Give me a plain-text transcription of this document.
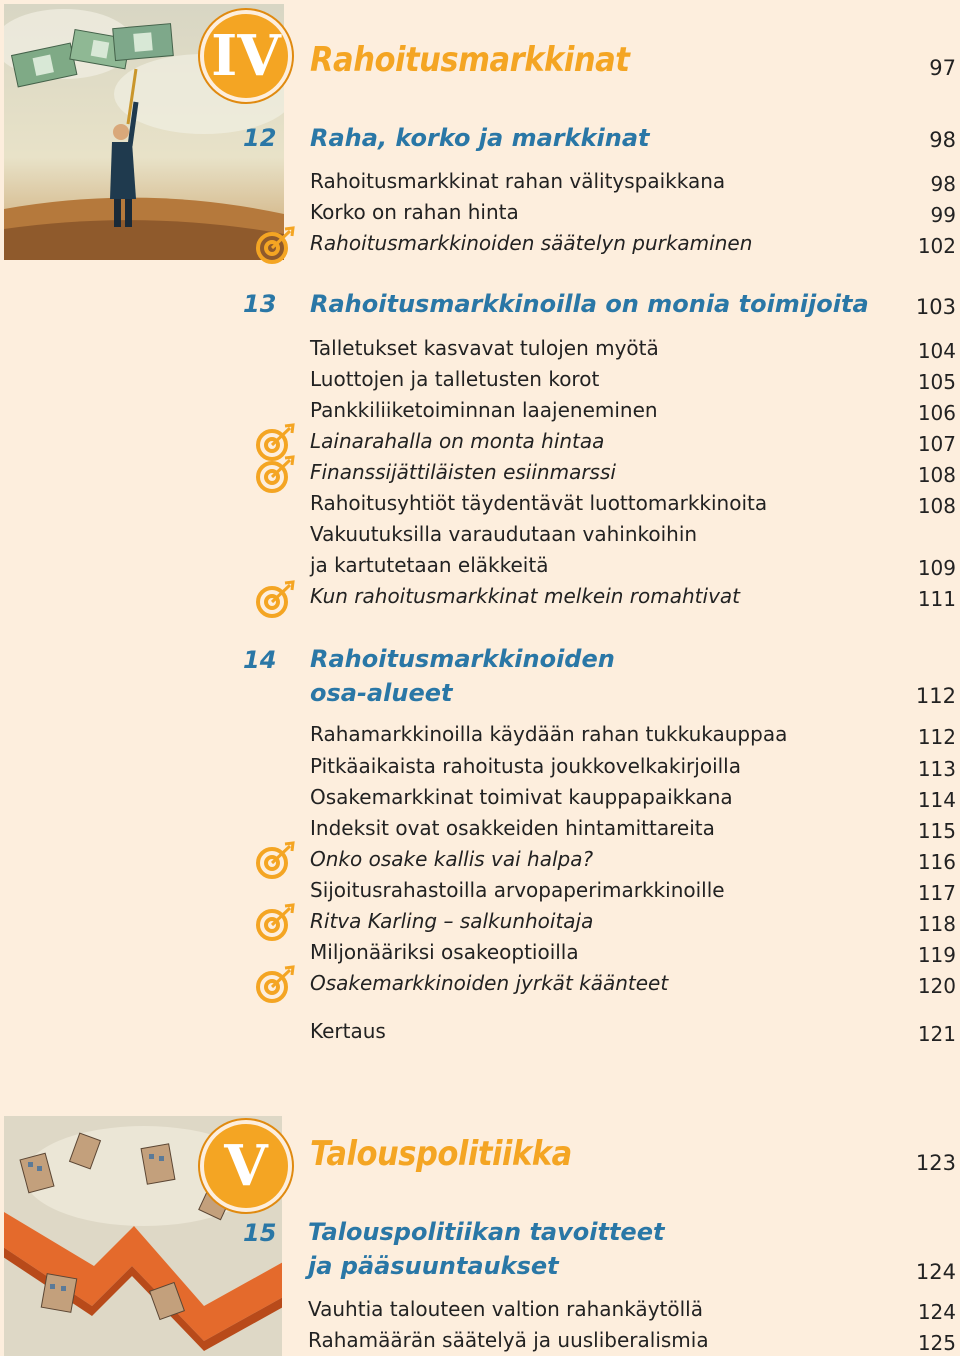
IV Rahoitusmarkkinat	97
12 Raha, korko ja markkinat	98
Rahoitusmarkkinat rahan välityspaikkana	98
Korko on rahan hinta	99
Rahoitusmarkkinoiden säätelyn purkaminen	102
13 Rahoitusmarkkinoilla on monia toimijoita	103
Talletukset kasvavat tulojen myötä	104
Luottojen ja talletusten korot	105
Pankkiliiketoiminnan laajeneminen	106
Lainarahalla on monta hintaa	107
Finanssijättiläisten esiinmarssi	108
Rahoitusyhtiöt täydentävät luottomarkkinoita	108
Vakuutuksilla varaudutaan vahinkoihin
ja kartutetaan eläkkeitä	109
Kun rahoitusmarkkinat melkein romahtivat	111
14 Rahoitusmarkkinoiden
osa-alueet	112
Rahamarkkinoilla käydään rahan tukkukauppaa	112
Pitkäaikaista rahoitusta joukkovelkakirjoilla	113
Osakemarkkinat toimivat kauppapaikkana	114
Indeksit ovat osakkeiden hintamittareita	115
Onko osake kallis vai halpa?	116
Sijoitusrahastoilla arvopaperimarkkinoille	117
Ritva Karling – salkunhoitaja	118
Miljonääriksi osakeoptioilla	119
Osakemarkkinoiden jyrkät käänteet	120
Kertaus	121
V	Talouspolitiikka	123
15 Talouspolitiikan tavoitteet
ja pääsuuntaukset	124
Vauhtia talouteen valtion rahankäytöllä	124
Rahamäärän säätelyä ja uusliberalismia	125
